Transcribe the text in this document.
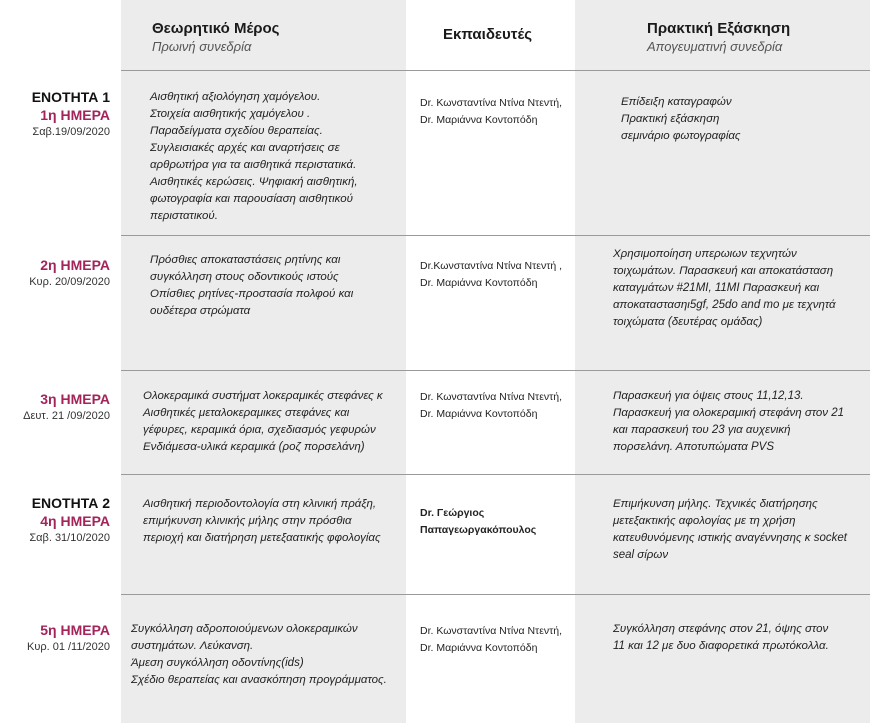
Θεωρητικό Μέρος
Πρωινή συνεδρία
Εκπαιδευτές	Πρακτική Εξάσκηση
Απογευματινή συνεδρία
ΕΝΟΤΗΤΑ 1
1η ΗΜΕΡΑ
Σαβ.19/09/2020
Αισθητική αξιολόγηση χαμόγελου.
Στοιχεία αισθητικής χαμόγελου .
Παραδείγματα σχεδίου θεραπείας.
Συγλεισιακές αρχές και αναρτήσεις σε αρθρωτήρα για τα αισθητικά περιστατικά.
Αισθητικές κερώσεις. Ψηφιακή αισθητική, φωτογραφία και παρουσίαση αισθητικού περιστατικού.
Dr. Κωνσταντίνα Ντίνα Ντεντή,
Dr. Μαριάννα Κοντοπόδη
Επίδειξη καταγραφών
Πρακτική εξάσκηση
σεμινάριο φωτογραφίας
2η ΗΜΕΡΑ
Κυρ. 20/09/2020
Πρόσθιες αποκαταστάσεις ρητίνης και συγκόλληση στους οδοντικούς ιστούς
Οπίσθιες ρητίνες-προστασία πολφού και ουδέτερα στρώματα
Dr.Κωνσταντίνα Ντίνα Ντεντή ,
Dr. Μαριάννα Κοντοπόδη
Χρησιμοποίηση υπερωιων τεχνητών τοιχωμάτων. Παρασκευή και αποκατάσταση καταγμάτων #21MI, 11MI Παρασκευή και αποκαταστασηι5gf, 25do and mo με τεχνητά τοιχώματα (δευτέρας ομάδας)
3η ΗΜΕΡΑ
Δευτ. 21 /09/2020
Ολοκεραμικά συστήματ λοκεραμικές στεφάνες κ Αισθητικές μεταλοκεραμικες στεφάνες και γέφυρες, κεραμικά όρια, σχεδιασμός γεφυρών Ενδιάμεσα-υλικά κεραμικά (ροζ πορσελάνη)
Dr. Κωνσταντίνα Ντίνα Ντεντή,
Dr. Μαριάννα Κοντοπόδη
Παρασκευή για όψεις στους 11,12,13. Παρασκευή για ολοκεραμική στεφάνη στον 21 και παρασκευή του 23 για αυχενική πορσελάνη. Αποτυπώματα PVS
ΕΝΟΤΗΤΑ 2
4η ΗΜΕΡΑ
Σαβ. 31/10/2020
Αισθητική περιοδοντολογία στη κλινική πράξη, επιμήκυνση κλινικής μήλης στην πρόσθια περιοχή και διατήρηση μετεξαατικής φφολογίας
Dr. Γεώργιος
Παπαγεωργακόπουλος
Επιμήκυνση μήλης. Τεχνικές διατήρησης μετεξακτικής αφολογίας με τη χρήση κατευθυνόμενης ιστικής αναγέννησης κ socket seal σίρων
5η ΗΜΕΡΑ
Κυρ. 01 /11/2020
Συγκόλληση αδροποιούμενων ολοκεραμικών συστημάτων. Λεύκανση.
Άμεση συγκόλληση οδοντίνης(ids)
Σχέδιο θεραπείας και ανασκόπηση προγράμματος.
Dr. Κωνσταντίνα Ντίνα Ντεντή,
Dr. Μαριάννα Κοντοπόδη
Συγκόλληση στεφάνης στον 21, όψης στον 11 και 12 με δυο διαφορετικά πρωτόκολλα.
